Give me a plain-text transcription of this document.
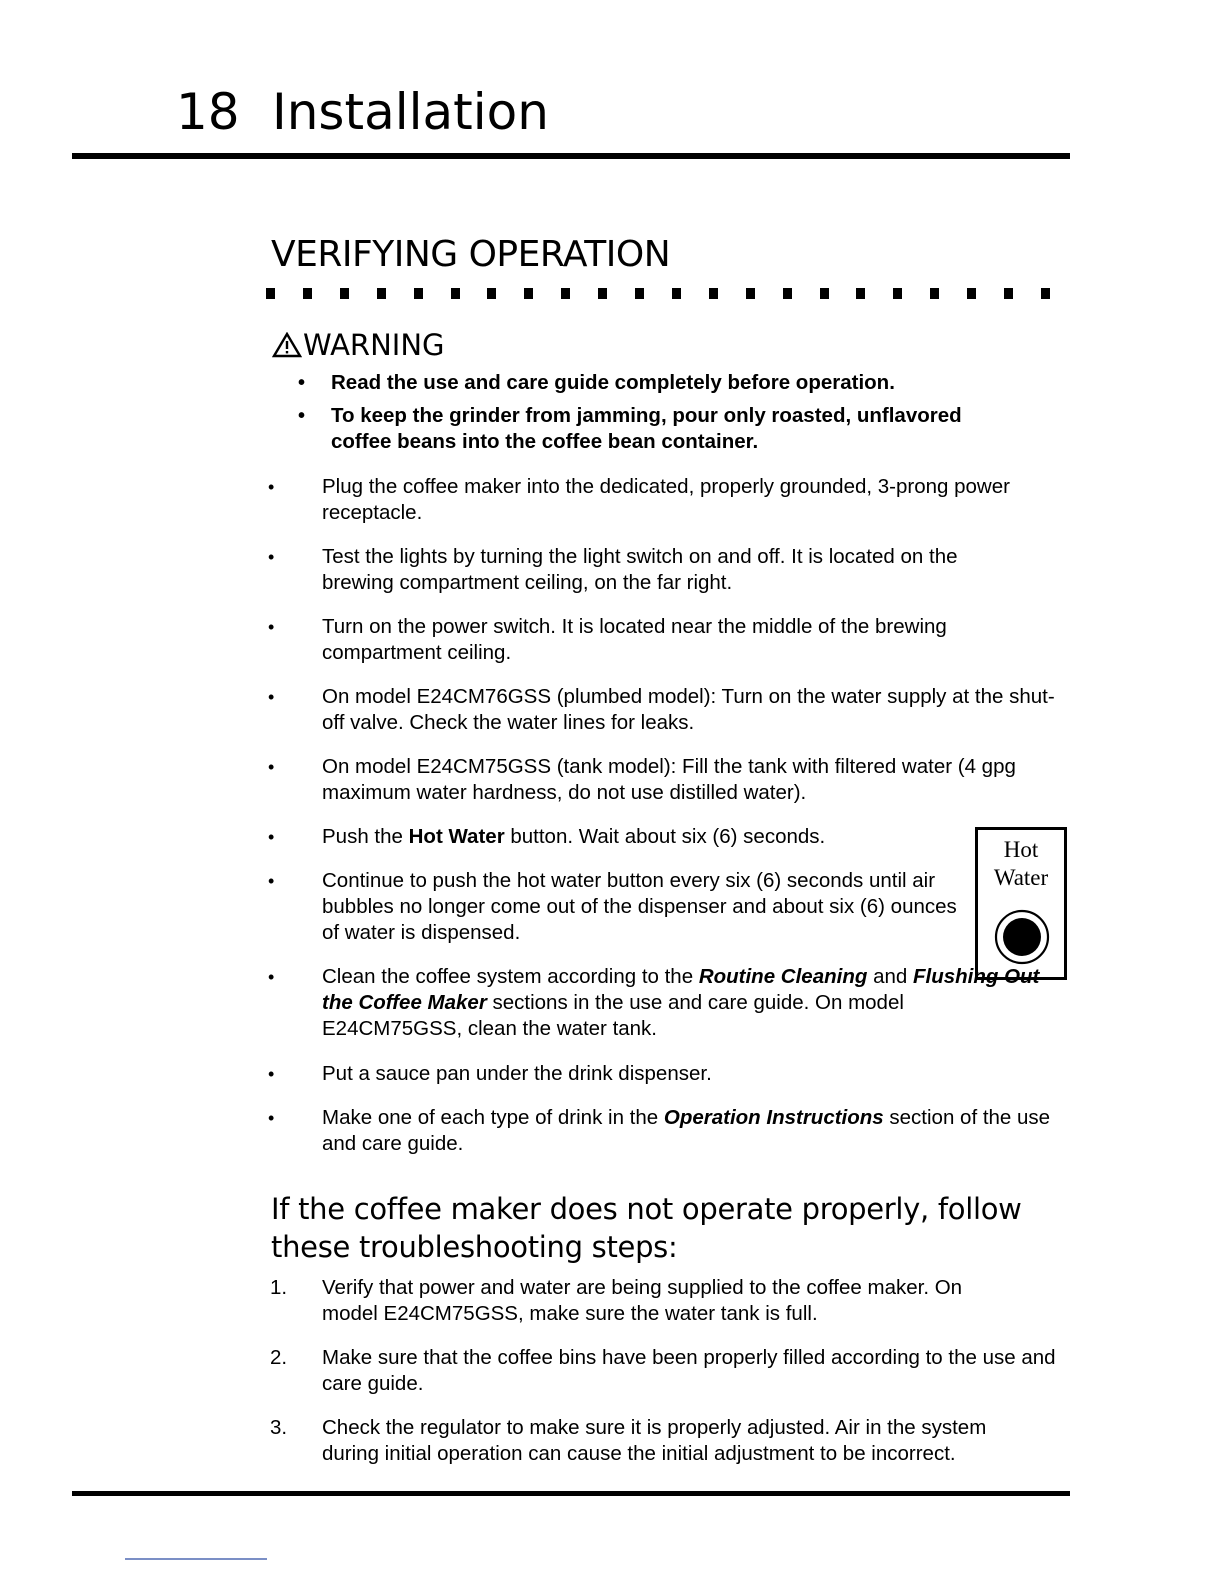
18 Installation
VERIFYING OPERATION
WARNING
• Read the use and care guide completely before operation.
• To keep the grinder from jamming, pour only roasted, unflavored coffee beans into the coffee bean container.
• Plug the coffee maker into the dedicated, properly grounded, 3-prong power receptacle.
• Test the lights by turning the light switch on and off. It is located on the brewing compartment ceiling, on the far right.
• Turn on the power switch. It is located near the middle of the brewing compartment ceiling.
• On model E24CM76GSS (plumbed model): Turn on the water supply at the shut-off valve. Check the water lines for leaks.
• On model E24CM75GSS (tank model): Fill the tank with filtered water (4 gpg maximum water hardness, do not use distilled water).
• Push the Hot Water button. Wait about six (6) seconds.
• Continue to push the hot water button every six (6) seconds until air bubbles no longer come out of the dispenser and about six (6) ounces of water is dispensed.
• Clean the coffee system according to the Routine Cleaning and Flushing Out the Coffee Maker sections in the use and care guide. On model E24CM75GSS, clean the water tank.
• Put a sauce pan under the drink dispenser.
• Make one of each type of drink in the Operation Instructions section of the use and care guide.
Hot
Water
If the coffee maker does not operate properly, follow these troubleshooting steps:
1. Verify that power and water are being supplied to the coffee maker. On model E24CM75GSS, make sure the water tank is full.
2. Make sure that the coffee bins have been properly filled according to the use and care guide.
3. Check the regulator to make sure it is properly adjusted. Air in the system during initial operation can cause the initial adjustment to be incorrect.
